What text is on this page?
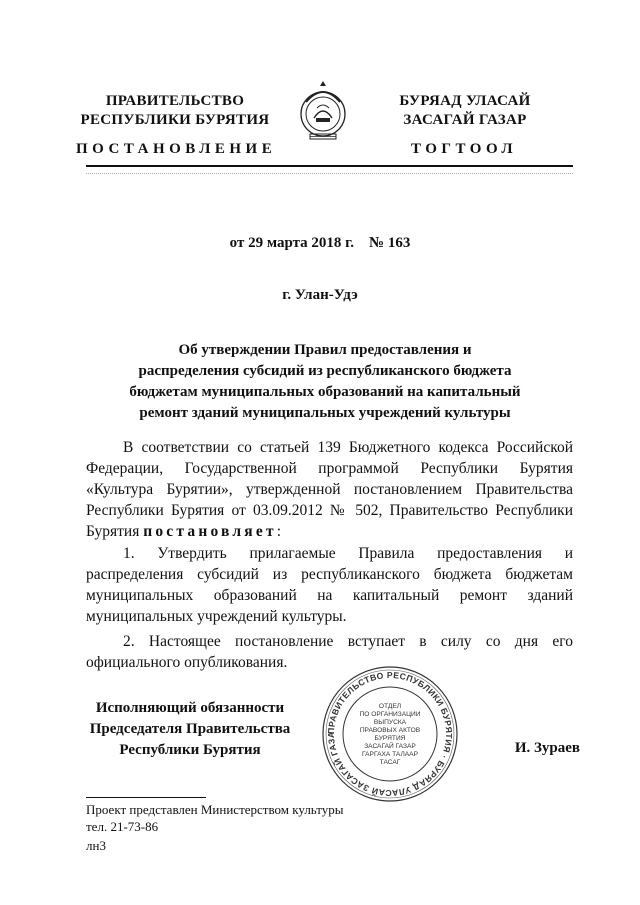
ПРАВИТЕЛЬСТВО
РЕСПУБЛИКИ БУРЯТИЯ
БУРЯАД УЛАСАЙ
ЗАСАГАЙ ГАЗАР
ПОСТАНОВЛЕНИЕ	ТОГТООЛ
от 29 марта 2018 г.    № 163
г. Улан-Удэ
Об утверждении Правил предоставления и
распределения субсидий из республиканского бюджета
бюджетам муниципальных образований на капитальный
ремонт зданий муниципальных учреждений культуры

В соответствии со статьей 139 Бюджетного кодекса Российской Федерации, Государственной программой Республики Бурятия «Культура Бурятии», утвержденной постановлением Правительства Республики Бурятия от 03.09.2012 № 502, Правительство Республики Бурятия постановляет:

1. Утвердить прилагаемые Правила предоставления и распределения субсидий из республиканского бюджета бюджетам муниципальных образований на капитальный ремонт зданий муниципальных учреждений культуры.

2. Настоящее постановление вступает в силу со дня его официального опубликования.

Исполняющий обязанности
Председателя Правительства
Республики Бурятия
ПРАВИТЕЛЬСТВО РЕСПУБЛИКИ БУРЯТИЯ · БУРЯАД УЛАСАЙ ЗАСАГАЙ ГАЗА
ОТДЕЛ
ПО ОРГАНИЗАЦИИ
ВЫПУСКА
ПРАВОВЫХ АКТОВ
БУРЯТИЯ
ЗАСАГАЙ ГАЗАР
ГАРГАХА ТАЛААР
ТАСАГ
И. Зураев
Проект представлен Министерством культуры
тел. 21-73-86
лн3
